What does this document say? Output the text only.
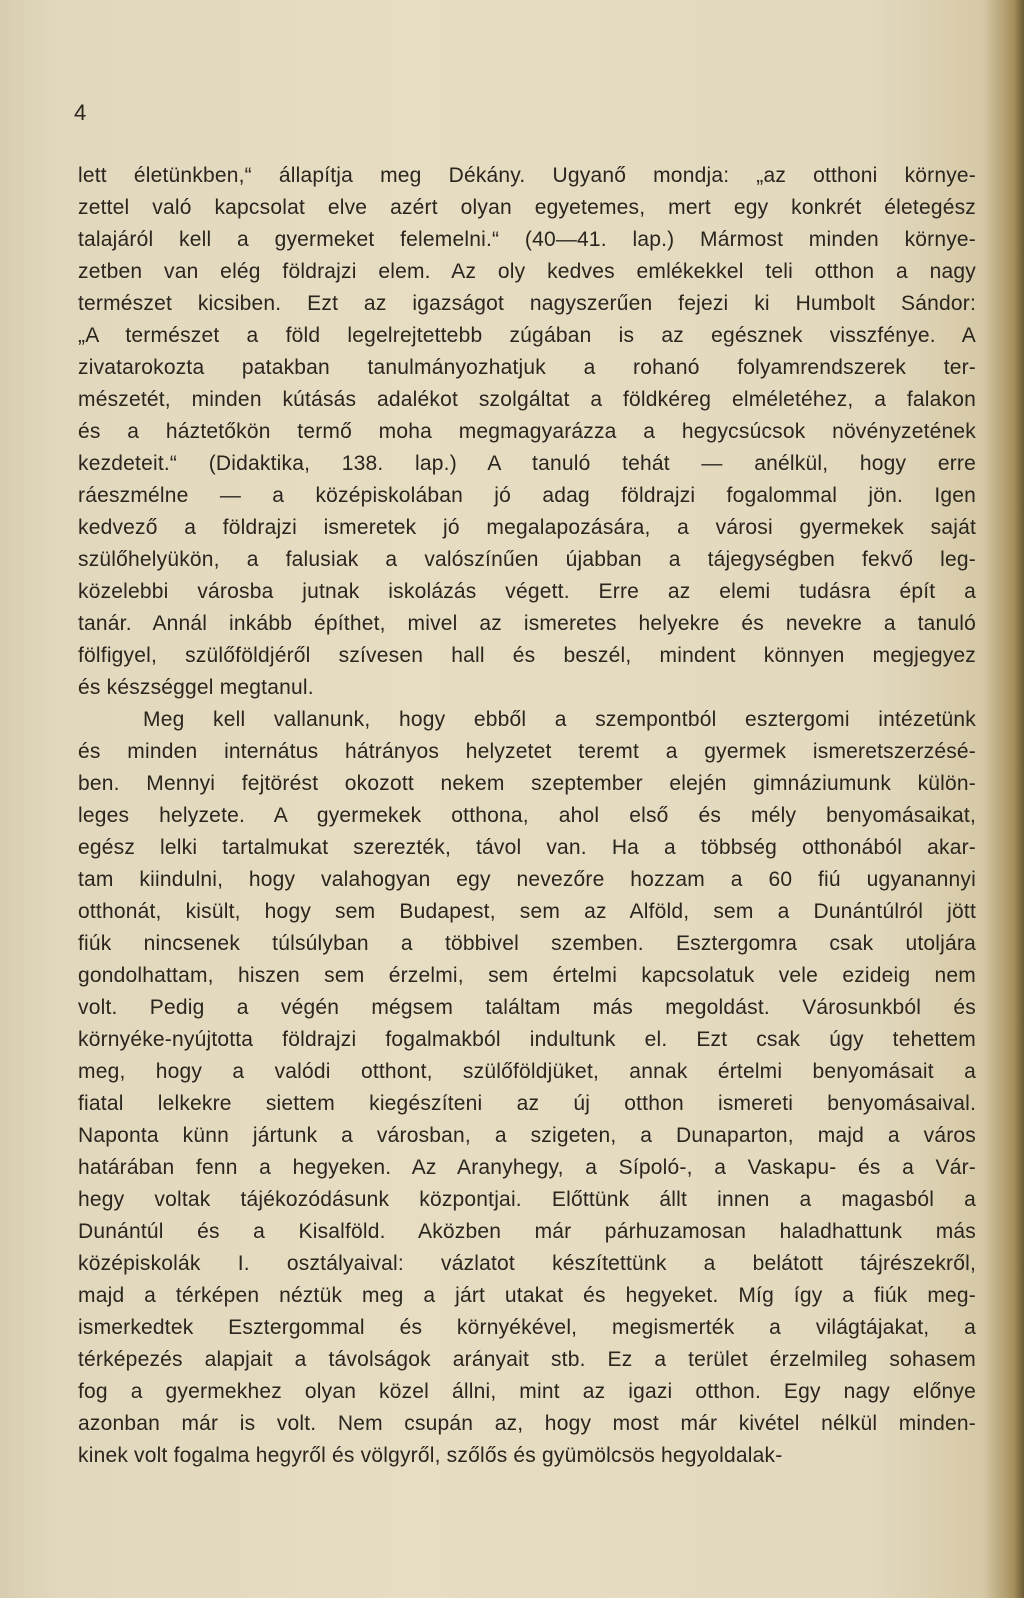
4

lett életünkben,“ állapítja meg Dékány. Ugyanő mondja: „az otthoni környe-
zettel való kapcsolat elve azért olyan egyetemes, mert egy konkrét életegész
talajáról kell a gyermeket felemelni.“ (40—41. lap.) Mármost minden környe-
zetben van elég földrajzi elem. Az oly kedves emlékekkel teli otthon a nagy
természet kicsiben. Ezt az igazságot nagyszerűen fejezi ki Humbolt Sándor:
„A természet a föld legelrejtettebb zúgában is az egésznek visszfénye. A
zivatarokozta patakban tanulmányozhatjuk a rohanó folyamrendszerek ter-
mészetét, minden kútásás adalékot szolgáltat a földkéreg elméletéhez, a falakon
és a háztetőkön termő moha megmagyarázza a hegycsúcsok növényzetének
kezdeteit.“ (Didaktika, 138. lap.) A tanuló tehát — anélkül, hogy erre
ráeszmélne — a középiskolában jó adag földrajzi fogalommal jön. Igen
kedvező a földrajzi ismeretek jó megalapozására, a városi gyermekek saját
szülőhelyükön, a falusiak a valószínűen újabban a tájegységben fekvő leg-
közelebbi városba jutnak iskolázás végett. Erre az elemi tudásra épít a
tanár. Annál inkább építhet, mivel az ismeretes helyekre és nevekre a tanuló
fölfigyel, szülőföldjéről szívesen hall és beszél, mindent könnyen megjegyez
és készséggel megtanul.
Meg kell vallanunk, hogy ebből a szempontból esztergomi intézetünk
és minden internátus hátrányos helyzetet teremt a gyermek ismeretszerzésé-
ben. Mennyi fejtörést okozott nekem szeptember elején gimnáziumunk külön-
leges helyzete. A gyermekek otthona, ahol első és mély benyomásaikat,
egész lelki tartalmukat szerezték, távol van. Ha a többség otthonából akar-
tam kiindulni, hogy valahogyan egy nevezőre hozzam a 60 fiú ugyanannyi
otthonát, kisült, hogy sem Budapest, sem az Alföld, sem a Dunántúlról jött
fiúk nincsenek túlsúlyban a többivel szemben. Esztergomra csak utoljára
gondolhattam, hiszen sem érzelmi, sem értelmi kapcsolatuk vele ezideig nem
volt. Pedig a végén mégsem találtam más megoldást. Városunkból és
környéke-nyújtotta földrajzi fogalmakból indultunk el. Ezt csak úgy tehettem
meg, hogy a valódi otthont, szülőföldjüket, annak értelmi benyomásait a
fiatal lelkekre siettem kiegészíteni az új otthon ismereti benyomásaival.
Naponta künn jártunk a városban, a szigeten, a Dunaparton, majd a város
határában fenn a hegyeken. Az Aranyhegy, a Sípoló-, a Vaskapu- és a Vár-
hegy voltak tájékozódásunk központjai. Előttünk állt innen a magasból a
Dunántúl és a Kisalföld. Aközben már párhuzamosan haladhattunk más
középiskolák I. osztályaival: vázlatot készítettünk a belátott tájrészekről,
majd a térképen néztük meg a járt utakat és hegyeket. Míg így a fiúk meg-
ismerkedtek Esztergommal és környékével, megismerték a világtájakat, a
térképezés alapjait a távolságok arányait stb. Ez a terület érzelmileg sohasem
fog a gyermekhez olyan közel állni, mint az igazi otthon. Egy nagy előnye
azonban már is volt. Nem csupán az, hogy most már kivétel nélkül minden-
kinek volt fogalma hegyről és völgyről, szőlős és gyümölcsös hegyoldalak-
